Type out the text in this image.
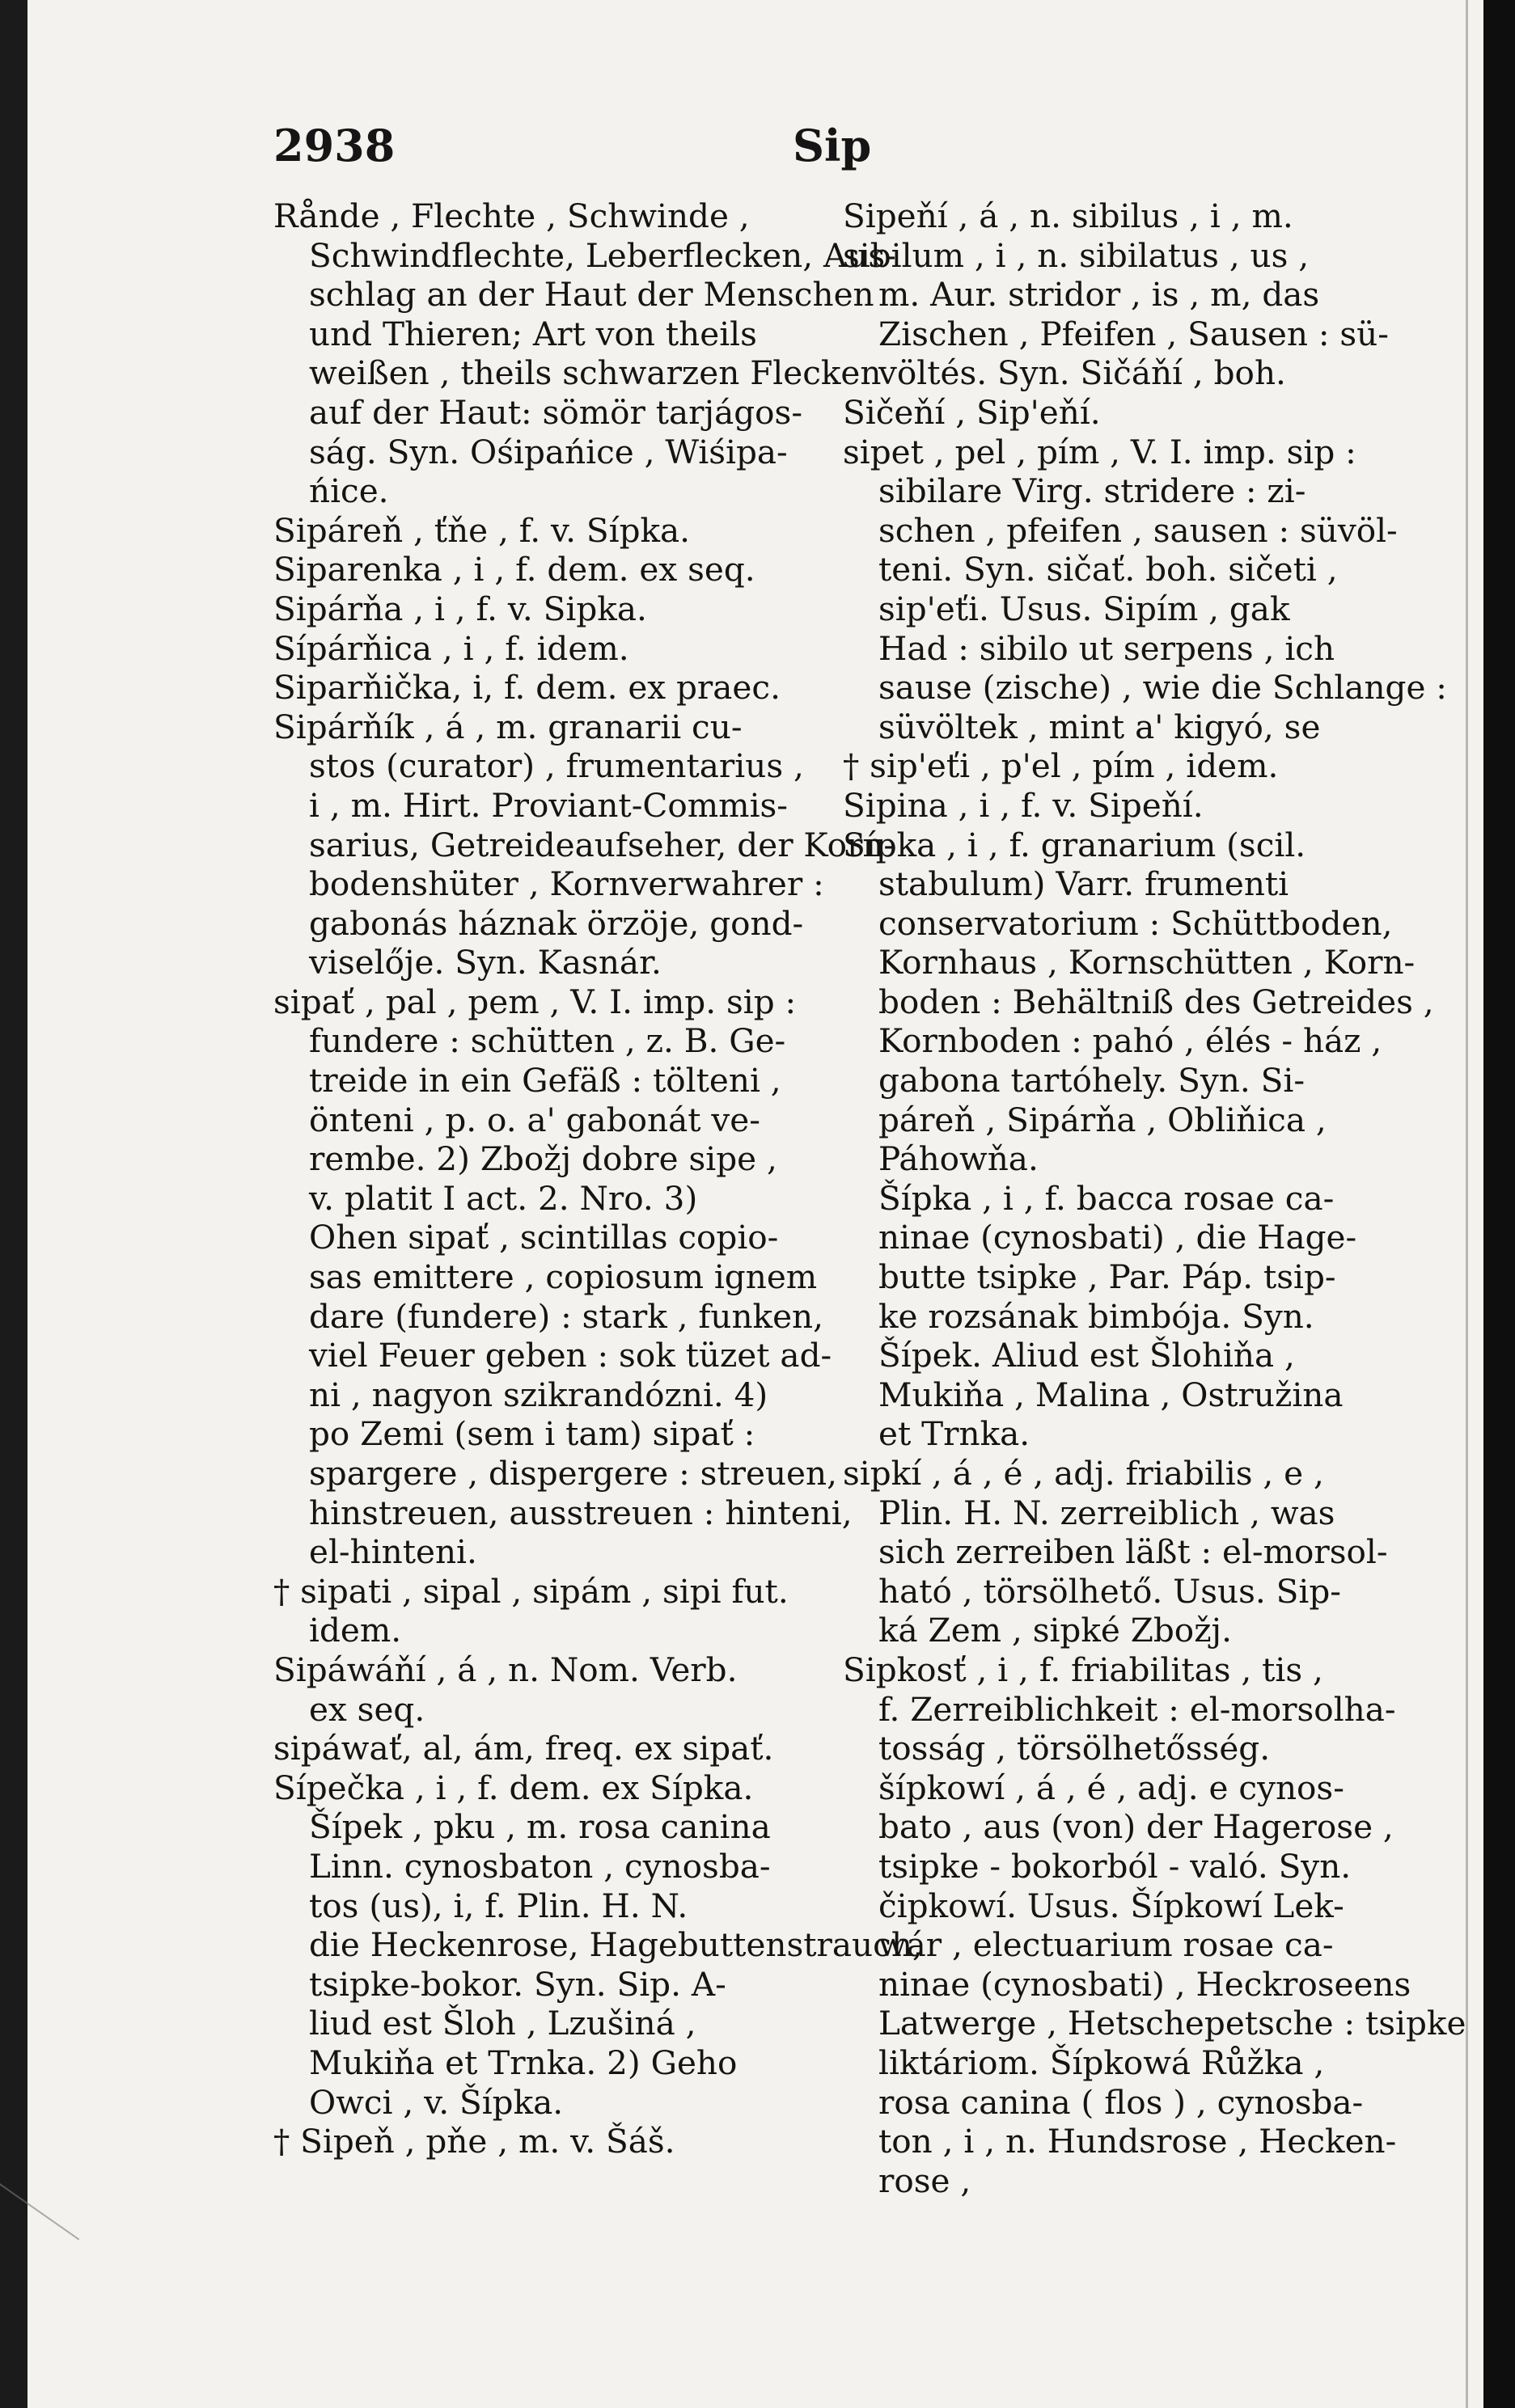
2938	Sip
Rånde , Flechte , Schwinde ,
Schwindflechte, Leberflecken, Aus-
schlag an der Haut der Menschen
und Thieren; Art von theils
weißen , theils schwarzen Flecken
auf der Haut: sömör tarjágos-
ság. Syn. Ośipańice , Wiśipa-
ńice.
Sipáreň , ťňe , f. v. Sípka.
Siparenka , i , f. dem. ex seq.
Sipárňa , i , f. v. Sipka.
Sípárňica , i , f. idem.
Siparňička, i, f. dem. ex praec.
Sipárňík , á , m. granarii cu-
stos (curator) , frumentarius ,
i , m. Hirt. Proviant-Commis-
sarius, Getreideaufseher, der Korn-
bodenshüter , Kornverwahrer :
gabonás háznak örzöje, gond-
viselője. Syn. Kasnár.
sipať , pal , pem , V. I. imp. sip :
fundere : schütten , z. B. Ge-
treide in ein Gefäß : tölteni ,
önteni , p. o. a' gabonát ve-
rembe. 2) Zbožj dobre sipe ,
v. platit I act. 2. Nro. 3)
Ohen sipať , scintillas copio-
sas emittere , copiosum ignem
dare (fundere) : stark , funken,
viel Feuer geben : sok tüzet ad-
ni , nagyon szikrandózni. 4)
po Zemi (sem i tam) sipať :
spargere , dispergere : streuen,
hinstreuen, ausstreuen : hinteni,
el-hinteni.
† sipati , sipal , sipám , sipi fut.
idem.
Sipáwáňí , á , n. Nom. Verb.
ex seq.
sipáwať, al, ám, freq. ex sipať.
Sípečka , i , f. dem. ex Sípka.
Šípek , pku , m. rosa canina
Linn. cynosbaton , cynosba-
tos (us), i, f. Plin. H. N.
die Heckenrose, Hagebuttenstrauch,
tsipke-bokor. Syn. Sip. A-
liud est Šloh , Lzušiná ,
Mukiňa et Trnka. 2) Geho
Owci , v. Šípka.
† Sipeň , pňe , m. v. Šáš.
Sipeňí , á , n. sibilus , i , m.
sibilum , i , n. sibilatus , us ,
m. Aur. stridor , is , m, das
Zischen , Pfeifen , Sausen : sü-
völtés. Syn. Sičáňí , boh.
Sičeňí , Sip'eňí.
sipet , pel , pím , V. I. imp. sip :
sibilare Virg. stridere : zi-
schen , pfeifen , sausen : süvöl-
teni. Syn. sičať. boh. sičeti ,
sip'eťi. Usus. Sipím , gak
Had : sibilo ut serpens , ich
sause (zische) , wie die Schlange :
süvöltek , mint a' kigyó, se
† sip'eťi , p'el , pím , idem.
Sipina , i , f. v. Sipeňí.
Sípka , i , f. granarium (scil.
stabulum) Varr. frumenti
conservatorium : Schüttboden,
Kornhaus , Kornschütten , Korn-
boden : Behältniß des Getreides ,
Kornboden : pahó , élés - ház ,
gabona tartóhely. Syn. Si-
páreň , Sipárňa , Obliňica ,
Páhowňa.
Šípka , i , f. bacca rosae ca-
ninae (cynosbati) , die Hage-
butte tsipke , Par. Páp. tsip-
ke rozsának bimbója. Syn.
Šípek. Aliud est Šlohiňa ,
Mukiňa , Malina , Ostružina
et Trnka.
sipkí , á , é , adj. friabilis , e ,
Plin. H. N. zerreiblich , was
sich zerreiben läßt : el-morsol-
ható , törsölhető. Usus. Sip-
ká Zem , sipké Zbožj.
Sipkosť , i , f. friabilitas , tis ,
f. Zerreiblichkeit : el-morsolha-
tosság , törsölhetősség.
šípkowí , á , é , adj. e cynos-
bato , aus (von) der Hagerose ,
tsipke - bokorból - való. Syn.
čipkowí. Usus. Šípkowí Lek-
wár , electuarium rosae ca-
ninae (cynosbati) , Heckroseens
Latwerge , Hetschepetsche : tsipke
liktáriom. Šípkowá Růžka ,
rosa canina ( flos ) , cynosba-
ton , i , n. Hundsrose , Hecken-
rose ,
